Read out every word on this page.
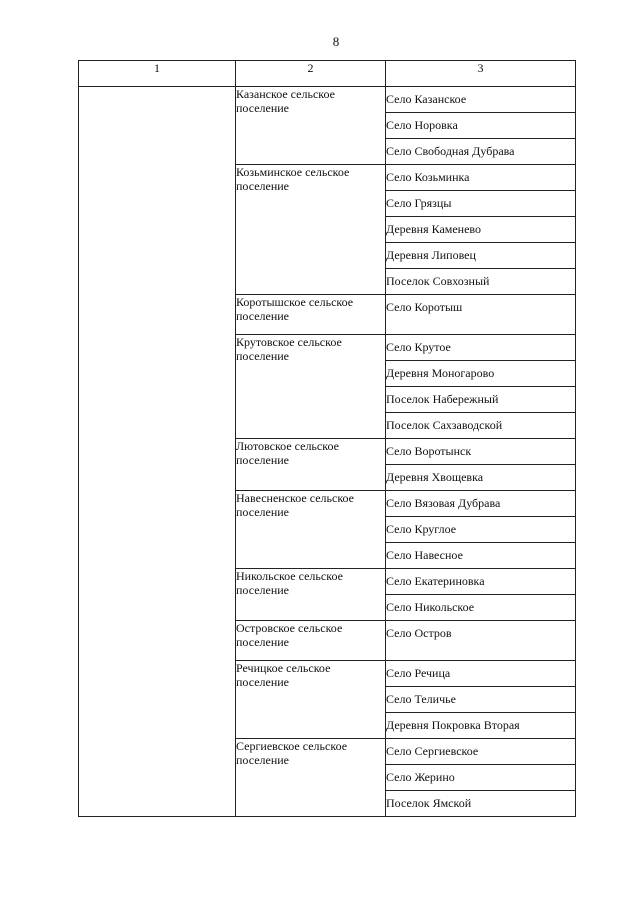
8
1	2	3
	Казанское сельское поселение	Село Казанское
		Село Норовка
		Село Свободная Дубрава
	Козьминское сельское поселение	Село Козьминка
		Село Грязцы
		Деревня Каменево
		Деревня Липовец
		Поселок Совхозный
	Коротышское сельское поселение	Село Коротыш
	Крутовское сельское поселение	Село Крутое
		Деревня Моногарово
		Поселок Набережный
		Поселок Сахзаводской
	Лютовское сельское поселение	Село Воротынск
		Деревня Хвощевка
	Навесненское сельское поселение	Село Вязовая Дубрава
		Село Круглое
		Село Навесное
	Никольское сельское поселение	Село Екатериновка
		Село Никольское
	Островское сельское поселение	Село Остров
	Речицкое сельское поселение	Село Речица
		Село Теличье
		Деревня Покровка Вторая
	Сергиевское сельское поселение	Село Сергиевское
		Село Жерино
		Поселок Ямской
